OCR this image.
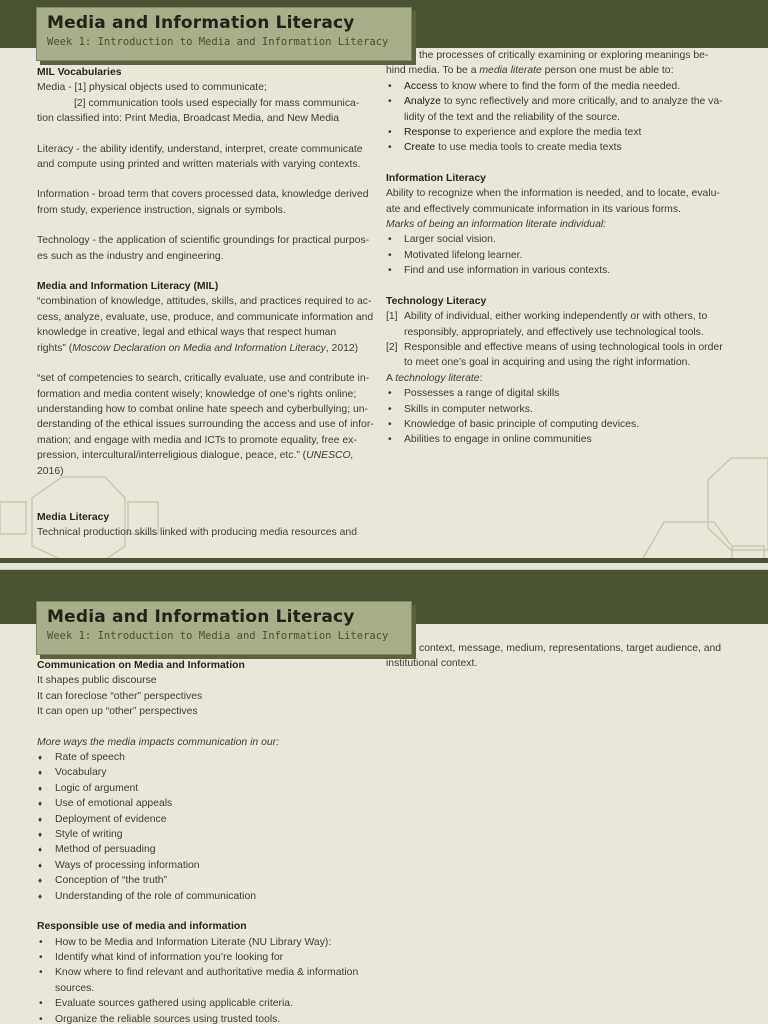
Media and Information Literacy
Week 1: Introduction to Media and Information Literacy

MIL Vocabularies

Media - [1] physical objects used to communicate;

[2] communication tools used especially for mass communica-

tion classified into: Print Media, Broadcast Media, and New Media

Literacy - the ability identify, understand, interpret, create communicate

and compute using printed and written materials with varying contexts.

Information - broad term that covers processed data, knowledge derived

from study, experience instruction, signals or symbols.

Technology - the application of scientific groundings for practical purpos-

es such as the industry and engineering.

Media and Information Literacy (MIL)

“combination of knowledge, attitudes, skills, and practices required to ac-

cess, analyze, evaluate, use, produce, and communicate information and

knowledge in creative, legal and ethical ways that respect human

rights” (Moscow Declaration on Media and Information Literacy, 2012)

“set of competencies to search, critically evaluate, use and contribute in-

formation and media content wisely; knowledge of one’s rights online;

understanding how to combat online hate speech and cyberbullying; un-

derstanding of the ethical issues surrounding the access and use of infor-

mation; and engage with media and ICTs to promote equality, free ex-

pression, intercultural/interreligious dialogue, peace, etc.” (UNESCO,

2016)

Media Literacy

Technical production skills linked with producing media resources and

the processes of critically examining or exploring meanings be-

hind media. To be a media literate person one must be able to:

• Access to know where to find the form of the media needed.
• Analyze to sync reflectively and more critically, and to analyze the va-
lidity of the text and the reliability of the source.
• Response to experience and explore the media text
• Create to use media tools to create media texts

Information Literacy

Ability to recognize when the information is needed, and to locate, evalu-

ate and effectively communicate information in its various forms.

Marks of being an information literate individual:

• Larger social vision.
• Motivated lifelong learner.
• Find and use information in various contexts.

Technology Literacy

[1] Ability of individual, either working independently or with others, to
responsibly, appropriately, and effectively use technological tools.
[2] Responsible and effective means of using technological tools in order
to meet one’s goal in acquiring and using the right information.

A technology literate:

• Possesses a range of digital skills
• Skills in computer networks.
• Knowledge of basic principle of computing devices.
• Abilities to engage in online communities
Media and Information Literacy
Week 1: Introduction to Media and Information Literacy

Communication on Media and Information

It shapes public discourse

It can foreclose “other” perspectives

It can open up “other” perspectives

More ways the media impacts communication in our:

♦ Rate of speech
♦ Vocabulary
♦ Logic of argument
♦ Use of emotional appeals
♦ Deployment of evidence
♦ Style of writing
♦ Method of persuading
♦ Ways of processing information
♦ Conception of “the truth”
♦ Understanding of the role of communication

Responsible use of media and information

• How to be Media and Information Literate (NU Library Way):
• Identify what kind of information you’re looking for
• Know where to find relevant and authoritative media & information
sources.
• Evaluate sources gathered using applicable criteria.
• Organize the reliable sources using trusted tools.

context, message, medium, representations, target audience, and

institutional context.
